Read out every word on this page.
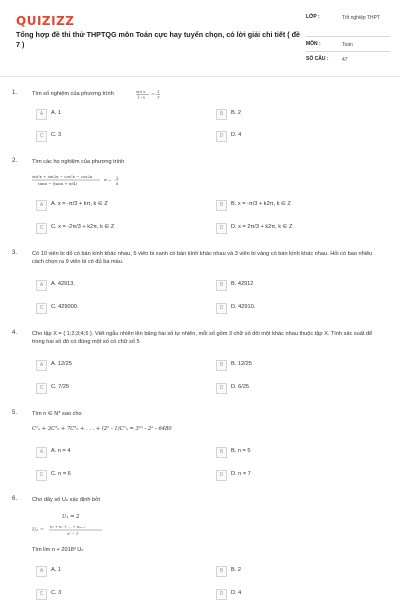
QUIZIZZ
Tổng hợp đề thi thử THPTQG môn Toán cực hay tuyển chọn, có lời giải chi tiết ( đề 7 )
LỚP :	Tốt nghiệp THPT
MÔN :	Toán
SỐ CÂU :	47
1.	Tìm số nghiệm của phương trình	sin x
1−x =
1
3
A	A. 1	B	B. 2
C	C. 3	D	D. 4
2.	Tìm các họ nghiệm của phương trình
sin²x + sin2x − cos²x − cos2x
tanx − (tanx + π/4)	= −
1
8
A	A. x = -π/3 + kπ, k ∈ Z	B	B. x = -π/3 + k2π, k ∈ Z
C	C. x = -2π/3 + k2π, k ∈ Z	D	D. x = 2π/3 + k2π, k ∈ Z
3.	Có 10 viên bi đỏ có bán kính khác nhau, 5 viên bi xanh có bán kính khác nhau và 3 viên bi vàng có bán kính khác nhau. Hỏi có bao nhiêu cách chọn ra 9 viên bi có đủ ba màu.
A	A. 42913.	B	B. 42912
C	C. 429000.	D	D. 42910.
4.	Cho tập X = { 1;2;3;4;5 }. Viết ngẫu nhiên lên bảng hai số tự nhiên, mỗi số gồm 3 chữ số đôi một khác nhau thuộc tập X. Tính xác suất để trong hai số đó có đúng một số có chữ số 5
A	A. 12/25	B	B. 12/25
C	C. 7/25	D	D. 6/25
5.	Tìm n ∈ N* sao cho
C¹ₙ + 3C²ₙ + 7C³ₙ + . . . + (2ⁿ - 1)Cⁿₙ = 3²ⁿ - 2ⁿ - 6480
A	A. n = 4	B	B. n = 5
C	C. n = 6	D	D. n = 7
6.	Cho dãy số Uₙ xác định bởi
U₁ = 2
Uₙ = n₁ + n₂ + ... + nᵤₙ₋₁
n² − 1
Tìm lim n + 2018³ Uₙ
A	A. 1	B	B. 2
C	C. 3	D	D. 4
